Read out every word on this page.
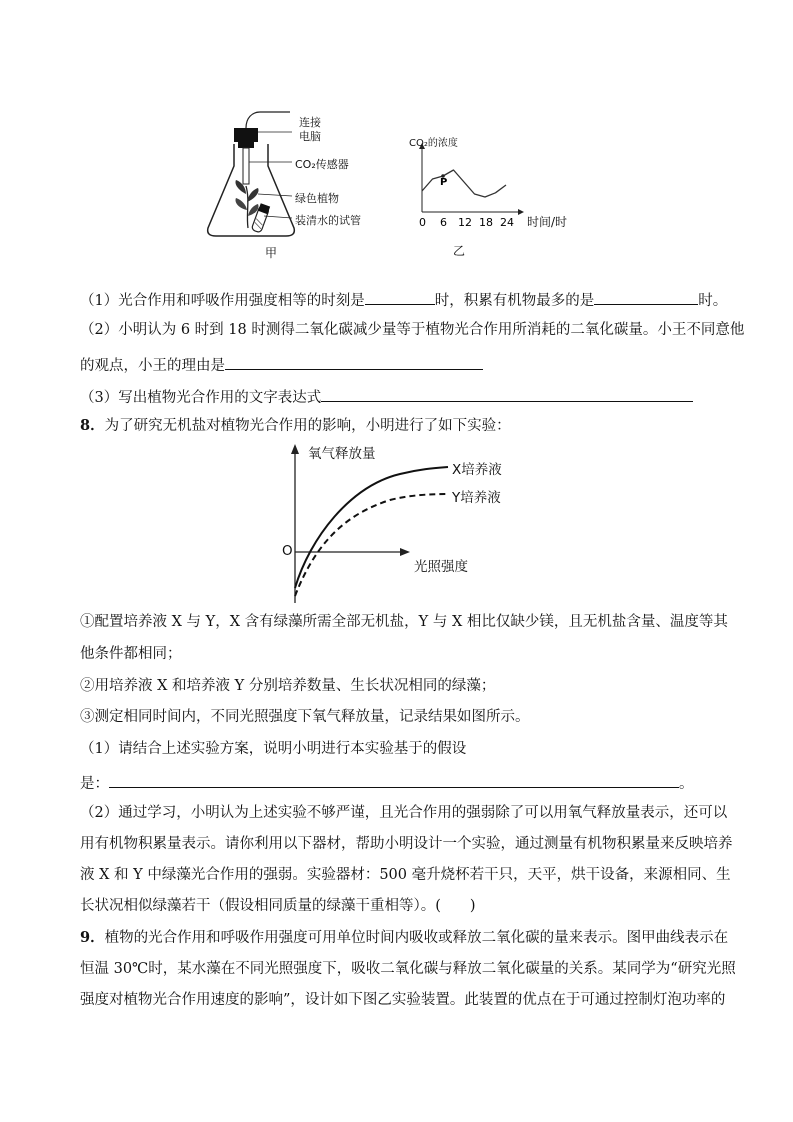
连接
电脑
CO₂传感器
绿色植物
装清水的试管
甲
P
0 6 12 18 24
CO₂的浓度
时间/时
乙
（1）光合作用和呼吸作用强度相等的时刻是	时，积累有机物最多的是	时。
（2）小明认为 6 时到 18 时测得二氧化碳减少量等于植物光合作用所消耗的二氧化碳量。小王不同意他
的观点，小王的理由是
（3）写出植物光合作用的文字表达式
8．为了研究无机盐对植物光合作用的影响，小明进行了如下实验：
氧气释放量
O
光照强度
X培养液
Y培养液
①配置培养液 X 与 Y，X 含有绿藻所需全部无机盐，Y 与 X 相比仅缺少镁，且无机盐含量、温度等其
他条件都相同；
②用培养液 X 和培养液 Y 分别培养数量、生长状况相同的绿藻；
③测定相同时间内，不同光照强度下氧气释放量，记录结果如图所示。
（1）请结合上述实验方案，说明小明进行本实验基于的假设
是：	。
（2）通过学习，小明认为上述实验不够严谨，且光合作用的强弱除了可以用氧气释放量表示，还可以
用有机物积累量表示。请你利用以下器材，帮助小明设计一个实验，通过测量有机物积累量来反映培养
液 X 和 Y 中绿藻光合作用的强弱。实验器材：500 毫升烧杯若干只，天平，烘干设备，来源相同、生
长状况相似绿藻若干（假设相同质量的绿藻干重相等）。(　　)
9．植物的光合作用和呼吸作用强度可用单位时间内吸收或释放二氧化碳的量来表示。图甲曲线表示在
恒温 30℃时，某水藻在不同光照强度下，吸收二氧化碳与释放二氧化碳量的关系。某同学为“研究光照
强度对植物光合作用速度的影响”，设计如下图乙实验装置。此装置的优点在于可通过控制灯泡功率的
